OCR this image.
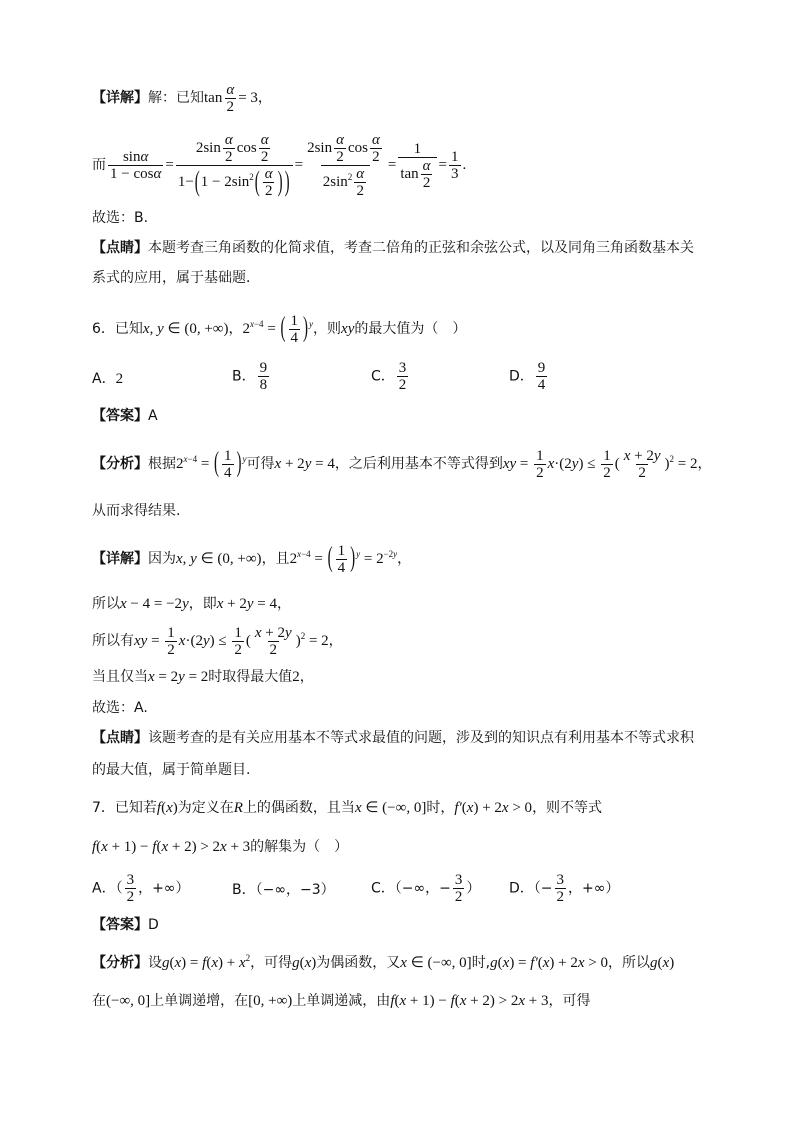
【详解】解：已知$\tan \frac{\alpha}{2} = 3$，
而 $\frac{\sin\alpha}{1 - \cos\alpha} = \frac{2\sin \frac{\alpha}{2} \cos \frac{\alpha}{2}}{1-(1 - 2\sin^2( \frac{\alpha}{2} ) )} = \frac{2\sin \frac{\alpha}{2} \cos \frac{\alpha}{2}}{2\sin^2 \frac{\alpha}{2}} = \frac{1}{\tan \frac{\alpha}{2}} = \frac{1}{3}$ .
故选：B.
【点睛】本题考查三角函数的化简求值，考查二倍角的正弦和余弦公式，以及同角三角函数基本关
系式的应用，属于基础题．
6．已知x, y ∈ (0, +∞)，$2^{x-4}$ = ( $\frac{1}{4} )^y$，则xy的最大值为（　）
A．2	B． $\frac{9}{8}$	C． $\frac{3}{2}$	D． $\frac{9}{4}$
【答案】A
【分析】根据$2^{x-4}$ = ( $\frac{1}{4} )^y$可得x + 2y = 4，之后利用基本不等式得到xy = $\frac{1}{2} x\cdot(2y) \le \frac{1}{2}$ ( $\frac{x + 2y}{2} )^2 = 2$，
从而求得结果.
【详解】因为x, y ∈ (0, +∞)，且$2^{x-4}$ = ( $\frac{1}{4} )^y = 2^{-2y}$，
所以x − 4 = −2y，即x + 2y = 4，
所以有xy = $\frac{1}{2} x\cdot(2y) \le \frac{1}{2}$ ( $\frac{x + 2y}{2} )^2 = 2$，
当且仅当x = 2y = 2时取得最大值2，
故选：A.
【点睛】该题考查的是有关应用基本不等式求最值的问题，涉及到的知识点有利用基本不等式求积
的最大值，属于简单题目.
7．已知若f(x)为定义在R上的偶函数，且当x ∈ (−∞, 0]时，f′(x) + 2x > 0，则不等式
f(x + 1) − f(x + 2) > 2x + 3的解集为（　）
A．（ $\frac{3}{2}$ ，+∞）	B．（−∞，−3）	C．（−∞，− $\frac{3}{2}$ ） D．（− $\frac{3}{2}$ ，+∞）
【答案】D
【分析】设$g(x) = f(x) + x^2$，可得g(x)为偶函数，又x ∈ (−∞, 0]时,g(x) = f′(x) + 2x > 0，所以g(x)
在(−∞, 0]上单调递增，在[0, +∞)上单调递减，由f(x + 1) − f(x + 2) > 2x + 3，可得
